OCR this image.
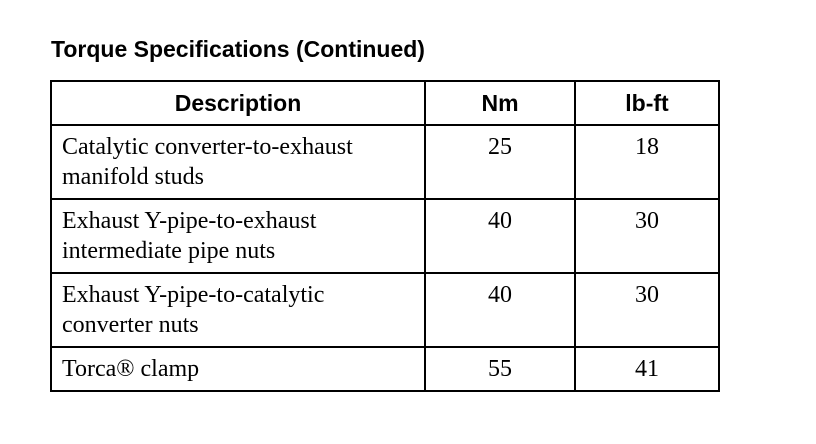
Torque Specifications (Continued)
Description	Nm	lb-ft

Catalytic converter-to-exhaust
manifold studs	25	18

Exhaust Y-pipe-to-exhaust
intermediate pipe nuts	40	30

Exhaust Y-pipe-to-catalytic
converter nuts	40	30

Torca® clamp	55	41
